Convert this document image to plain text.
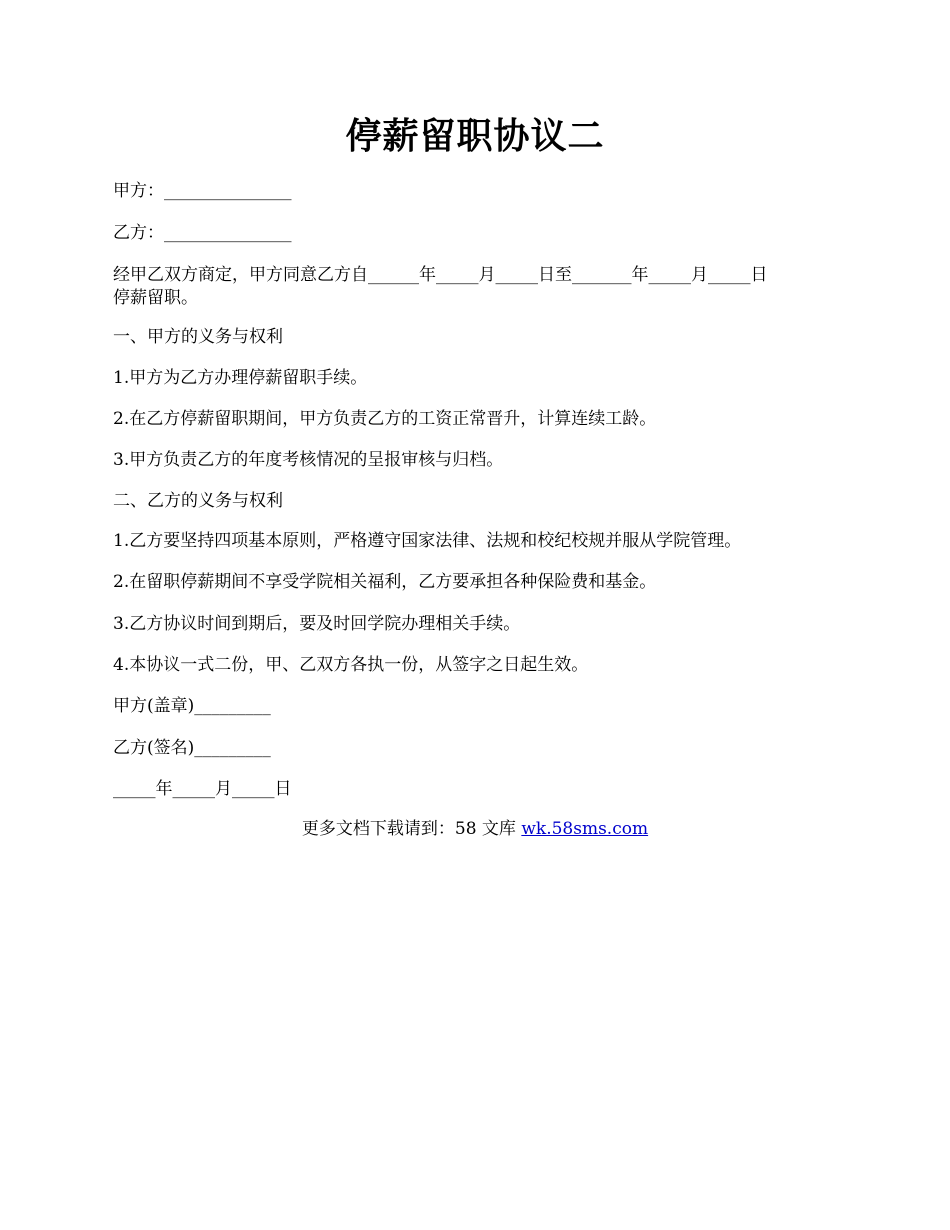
停薪留职协议二
甲方：_______________
乙方：_______________
经甲乙双方商定，甲方同意乙方自______年_____月_____日至_______年_____月_____日
停薪留职。
一、甲方的义务与权利
1.甲方为乙方办理停薪留职手续。
2.在乙方停薪留职期间，甲方负责乙方的工资正常晋升，计算连续工龄。
3.甲方负责乙方的年度考核情况的呈报审核与归档。
二、乙方的义务与权利
1.乙方要坚持四项基本原则，严格遵守国家法律、法规和校纪校规并服从学院管理。
2.在留职停薪期间不享受学院相关福利，乙方要承担各种保险费和基金。
3.乙方协议时间到期后，要及时回学院办理相关手续。
4.本协议一式二份，甲、乙双方各执一份，从签字之日起生效。
甲方(盖章)_________
乙方(签名)_________
_____年_____月_____日
更多文档下载请到：58 文库 wk.58sms.com
